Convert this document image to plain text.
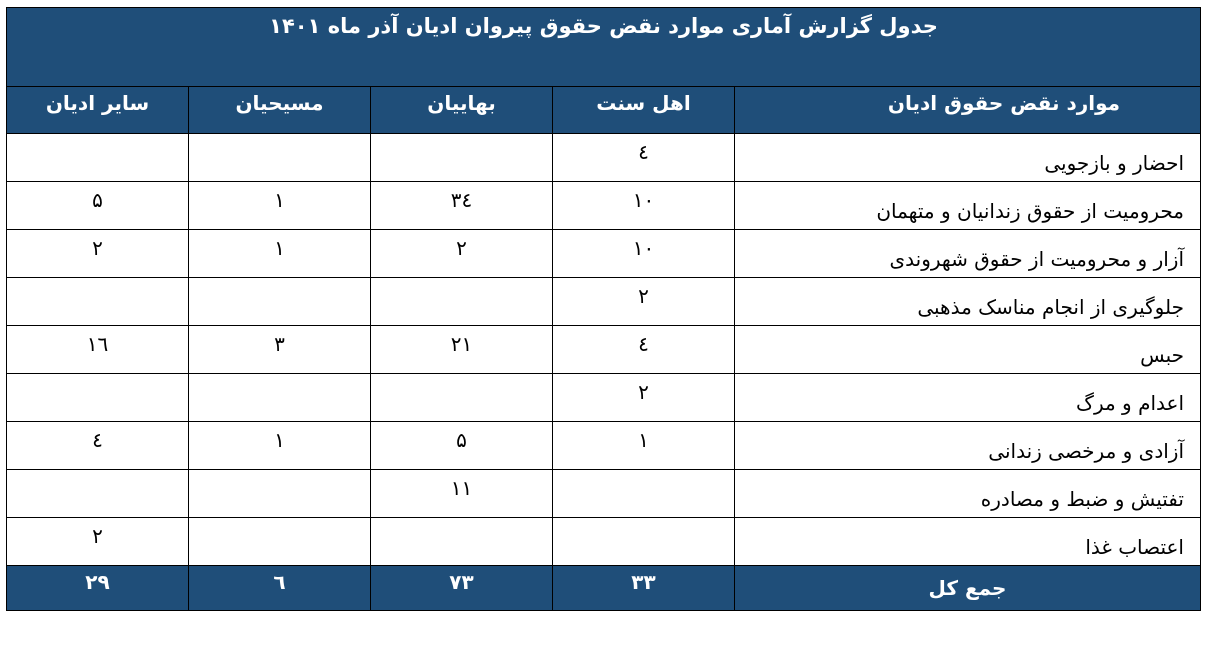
جدول گزارش آماری موارد نقض حقوق پیروان ادیان آذر ماه ۱۴۰۱				
موارد نقض حقوق ادیان	اهل سنت	بهاییان	مسیحیان	سایر ادیان
احضار و بازجویی	٤			
محرومیت از حقوق زندانیان و متهمان	۱۰	۳٤	۱	۵
آزار و محرومیت از حقوق شهروندی	۱۰	۲	۱	۲
جلوگیری از انجام مناسک مذهبی	۲			
حبس	٤	۲۱	۳	۱٦
اعدام و مرگ	۲			
آزادی و مرخصی زندانی	۱	۵	۱	٤
تفتیش و ضبط و مصادره		۱۱		
اعتصاب غذا				۲
جمع کل	۳۳	۷۳	٦	۲۹
